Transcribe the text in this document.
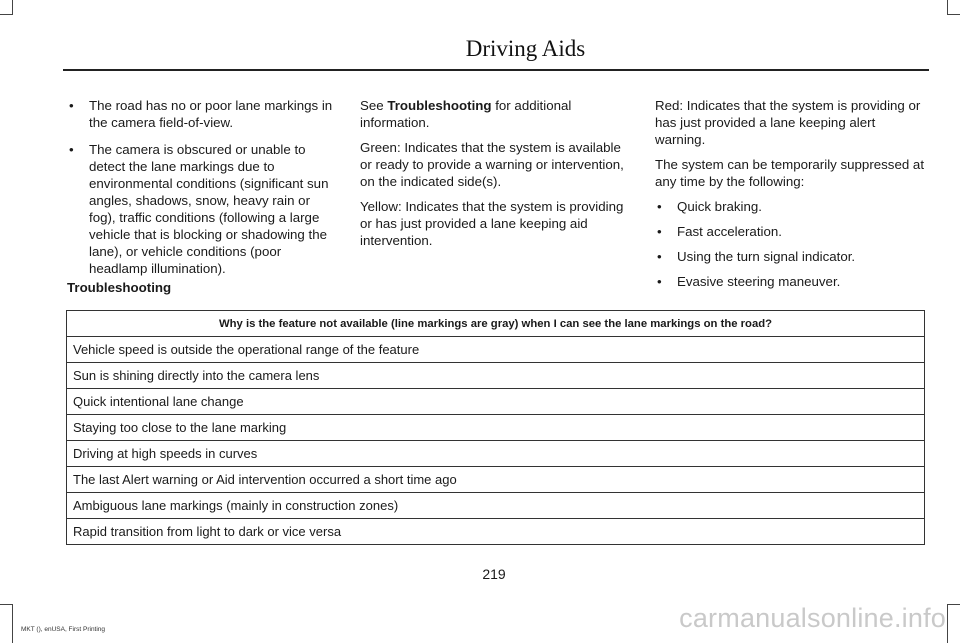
Driving Aids
• The road has no or poor lane markings in the camera field-of-view.
• The camera is obscured or unable to detect the lane markings due to environmental conditions (significant sun angles, shadows, snow, heavy rain or fog), traffic conditions (following a large vehicle that is blocking or shadowing the lane), or vehicle conditions (poor headlamp illumination).

See Troubleshooting for additional information.

Green: Indicates that the system is available or ready to provide a warning or intervention, on the indicated side(s).

Yellow: Indicates that the system is providing or has just provided a lane keeping aid intervention.

Red: Indicates that the system is providing or has just provided a lane keeping alert warning.

The system can be temporarily suppressed at any time by the following:

• Quick braking.
• Fast acceleration.
• Using the turn signal indicator.
• Evasive steering maneuver.
Troubleshooting
Why is the feature not available (line markings are gray) when I can see the lane markings on the road?
Vehicle speed is outside the operational range of the feature
Sun is shining directly into the camera lens
Quick intentional lane change
Staying too close to the lane marking
Driving at high speeds in curves
The last Alert warning or Aid intervention occurred a short time ago
Ambiguous lane markings (mainly in construction zones)
Rapid transition from light to dark or vice versa
219
MKT (), enUSA, First Printing	carmanualsonline.info
